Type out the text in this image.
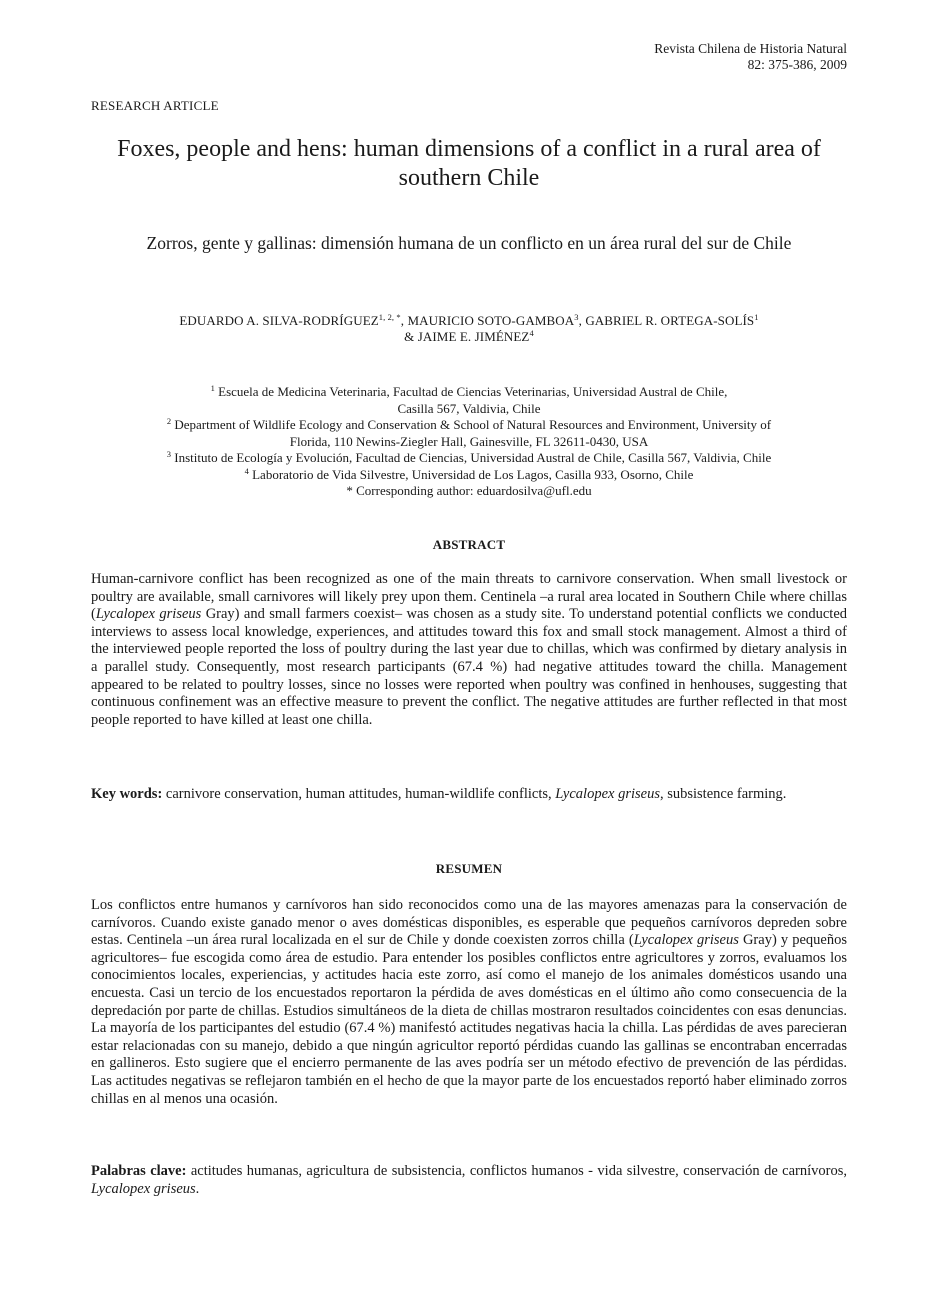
Revista Chilena de Historia Natural
82: 375-386, 2009
RESEARCH ARTICLE
Foxes, people and hens: human dimensions of a conflict in a rural area of southern Chile
Zorros, gente y gallinas: dimensión humana de un conflicto en un área rural del sur de Chile
EDUARDO A. SILVA-$RODRÍGUEZ^{1, 2, *}$, MAURICIO SOTO-GAMBOA$^3$, GABRIEL R. ORTEGA-SOLÍS$^1$
& JAIME E. JIMÉNEZ$^4$
$^1$ Escuela de Medicina Veterinaria, Facultad de Ciencias Veterinarias, Universidad Austral de Chile,
Casilla 567, Valdivia, Chile
$^2$ Department of Wildlife Ecology and Conservation & School of Natural Resources and Environment, University of
Florida, 110 Newins-Ziegler Hall, Gainesville, FL 32611-0430, USA
$^3$ Instituto de Ecología y Evolución, Facultad de Ciencias, Universidad Austral de Chile, Casilla 567, Valdivia, Chile
$^4$ Laboratorio de Vida Silvestre, Universidad de Los Lagos, Casilla 933, Osorno, Chile
* Corresponding author: eduardosilva@ufl.edu
ABSTRACT

Human-carnivore conflict has been recognized as one of the main threats to carnivore conservation. When small livestock or poultry are available, small carnivores will likely prey upon them. Centinela –a rural area located in Southern Chile where chillas (Lycalopex griseus Gray) and small farmers coexist– was chosen as a study site. To understand potential conflicts we conducted interviews to assess local knowledge, experiences, and attitudes toward this fox and small stock management. Almost a third of the interviewed people reported the loss of poultry during the last year due to chillas, which was confirmed by dietary analysis in a parallel study. Consequently, most research participants (67.4 %) had negative attitudes toward the chilla. Management appeared to be related to poultry losses, since no losses were reported when poultry was confined in henhouses, suggesting that continuous confinement was an effective measure to prevent the conflict. The negative attitudes are further reflected in that most people reported to have killed at least one chilla.

Key words: carnivore conservation, human attitudes, human-wildlife conflicts, Lycalopex griseus, subsistence farming.

RESUMEN

Los conflictos entre humanos y carnívoros han sido reconocidos como una de las mayores amenazas para la conservación de carnívoros. Cuando existe ganado menor o aves domésticas disponibles, es esperable que pequeños carnívoros depreden sobre estas. Centinela –un área rural localizada en el sur de Chile y donde coexisten zorros chilla (Lycalopex griseus Gray) y pequeños agricultores– fue escogida como área de estudio. Para entender los posibles conflictos entre agricultores y zorros, evaluamos los conocimientos locales, experiencias, y actitudes hacia este zorro, así como el manejo de los animales domésticos usando una encuesta. Casi un tercio de los encuestados reportaron la pérdida de aves domésticas en el último año como consecuencia de la depredación por parte de chillas. Estudios simultáneos de la dieta de chillas mostraron resultados coincidentes con esas denuncias. La mayoría de los participantes del estudio (67.4 %) manifestó actitudes negativas hacia la chilla. Las pérdidas de aves parecieran estar relacionadas con su manejo, debido a que ningún agricultor reportó pérdidas cuando las gallinas se encontraban encerradas en gallineros. Esto sugiere que el encierro permanente de las aves podría ser un método efectivo de prevención de las pérdidas. Las actitudes negativas se reflejaron también en el hecho de que la mayor parte de los encuestados reportó haber eliminado zorros chillas en al menos una ocasión.

Palabras clave: actitudes humanas, agricultura de subsistencia, conflictos humanos - vida silvestre, conservación de carnívoros, Lycalopex griseus.
